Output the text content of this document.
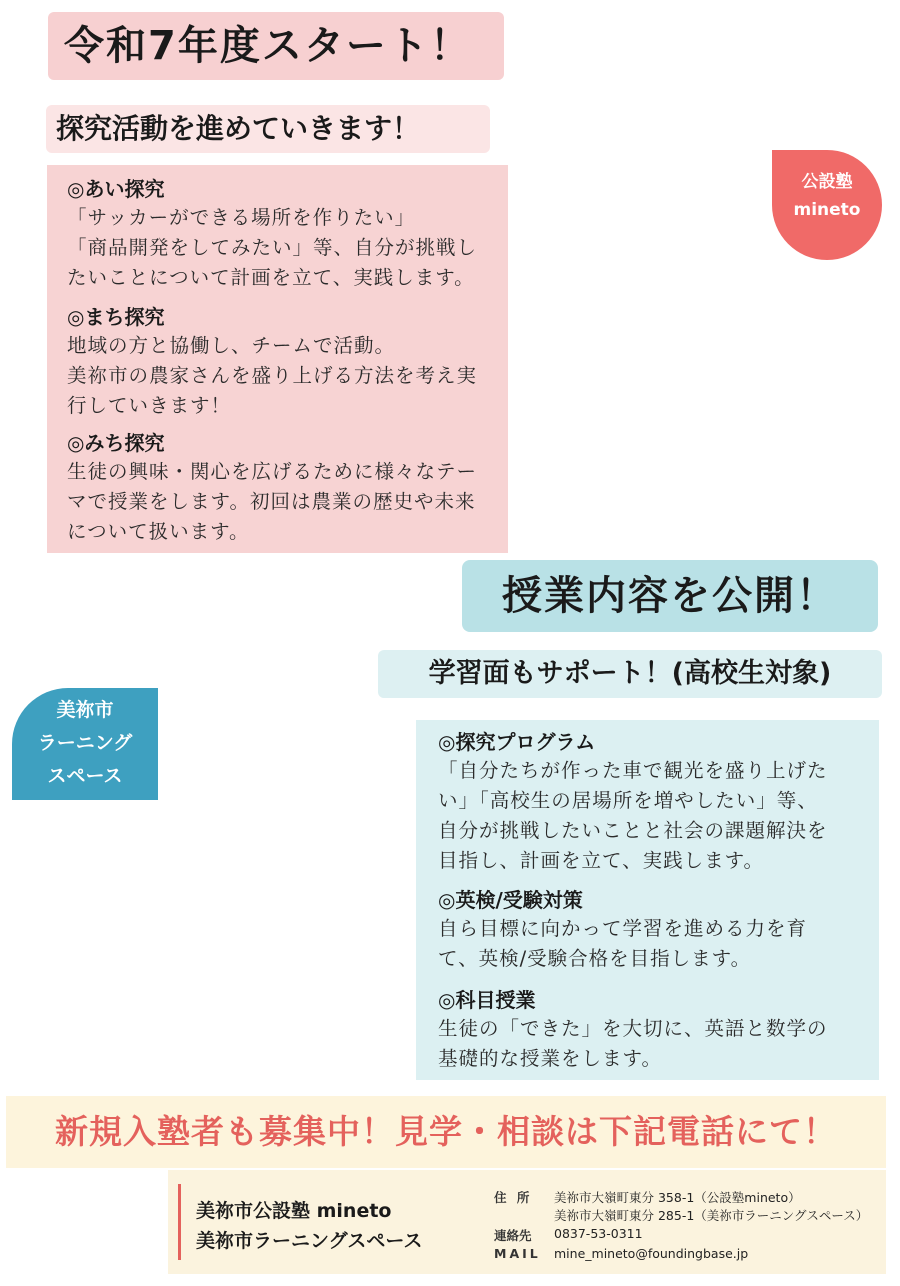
令和7年度スタート！
探究活動を進めていきます！
◎あい探究
「サッカーができる場所を作りたい」
「商品開発をしてみたい」等、自分が挑戦し
たいことについて計画を立て、実践します。
◎まち探究
地域の方と協働し、チームで活動。
美祢市の農家さんを盛り上げる方法を考え実
行していきます！
◎みち探究
生徒の興味・関心を広げるために様々なテー
マで授業をします。初回は農業の歴史や未来
について扱います。
公設塾
mineto
授業内容を公開！
学習面もサポート！(高校生対象)
美祢市
ラーニング
スペース
◎探究プログラム
「自分たちが作った車で観光を盛り上げた
い」「高校生の居場所を増やしたい」等、
自分が挑戦したいことと社会の課題解決を
目指し、計画を立て、実践します。
◎英検/受験対策
自ら目標に向かって学習を進める力を育
て、英検/受験合格を目指します。
◎科目授業
生徒の「できた」を大切に、英語と数学の
基礎的な授業をします。
新規入塾者も募集中！見学・相談は下記電話にて！
美祢市公設塾 mineto
美祢市ラーニングスペース
住 所 美祢市大嶺町東分 358-1（公設塾mineto）
美祢市大嶺町東分 285-1（美祢市ラーニングスペース）
連絡先 0837-53-0311
MAIL mine_mineto@foundingbase.jp
